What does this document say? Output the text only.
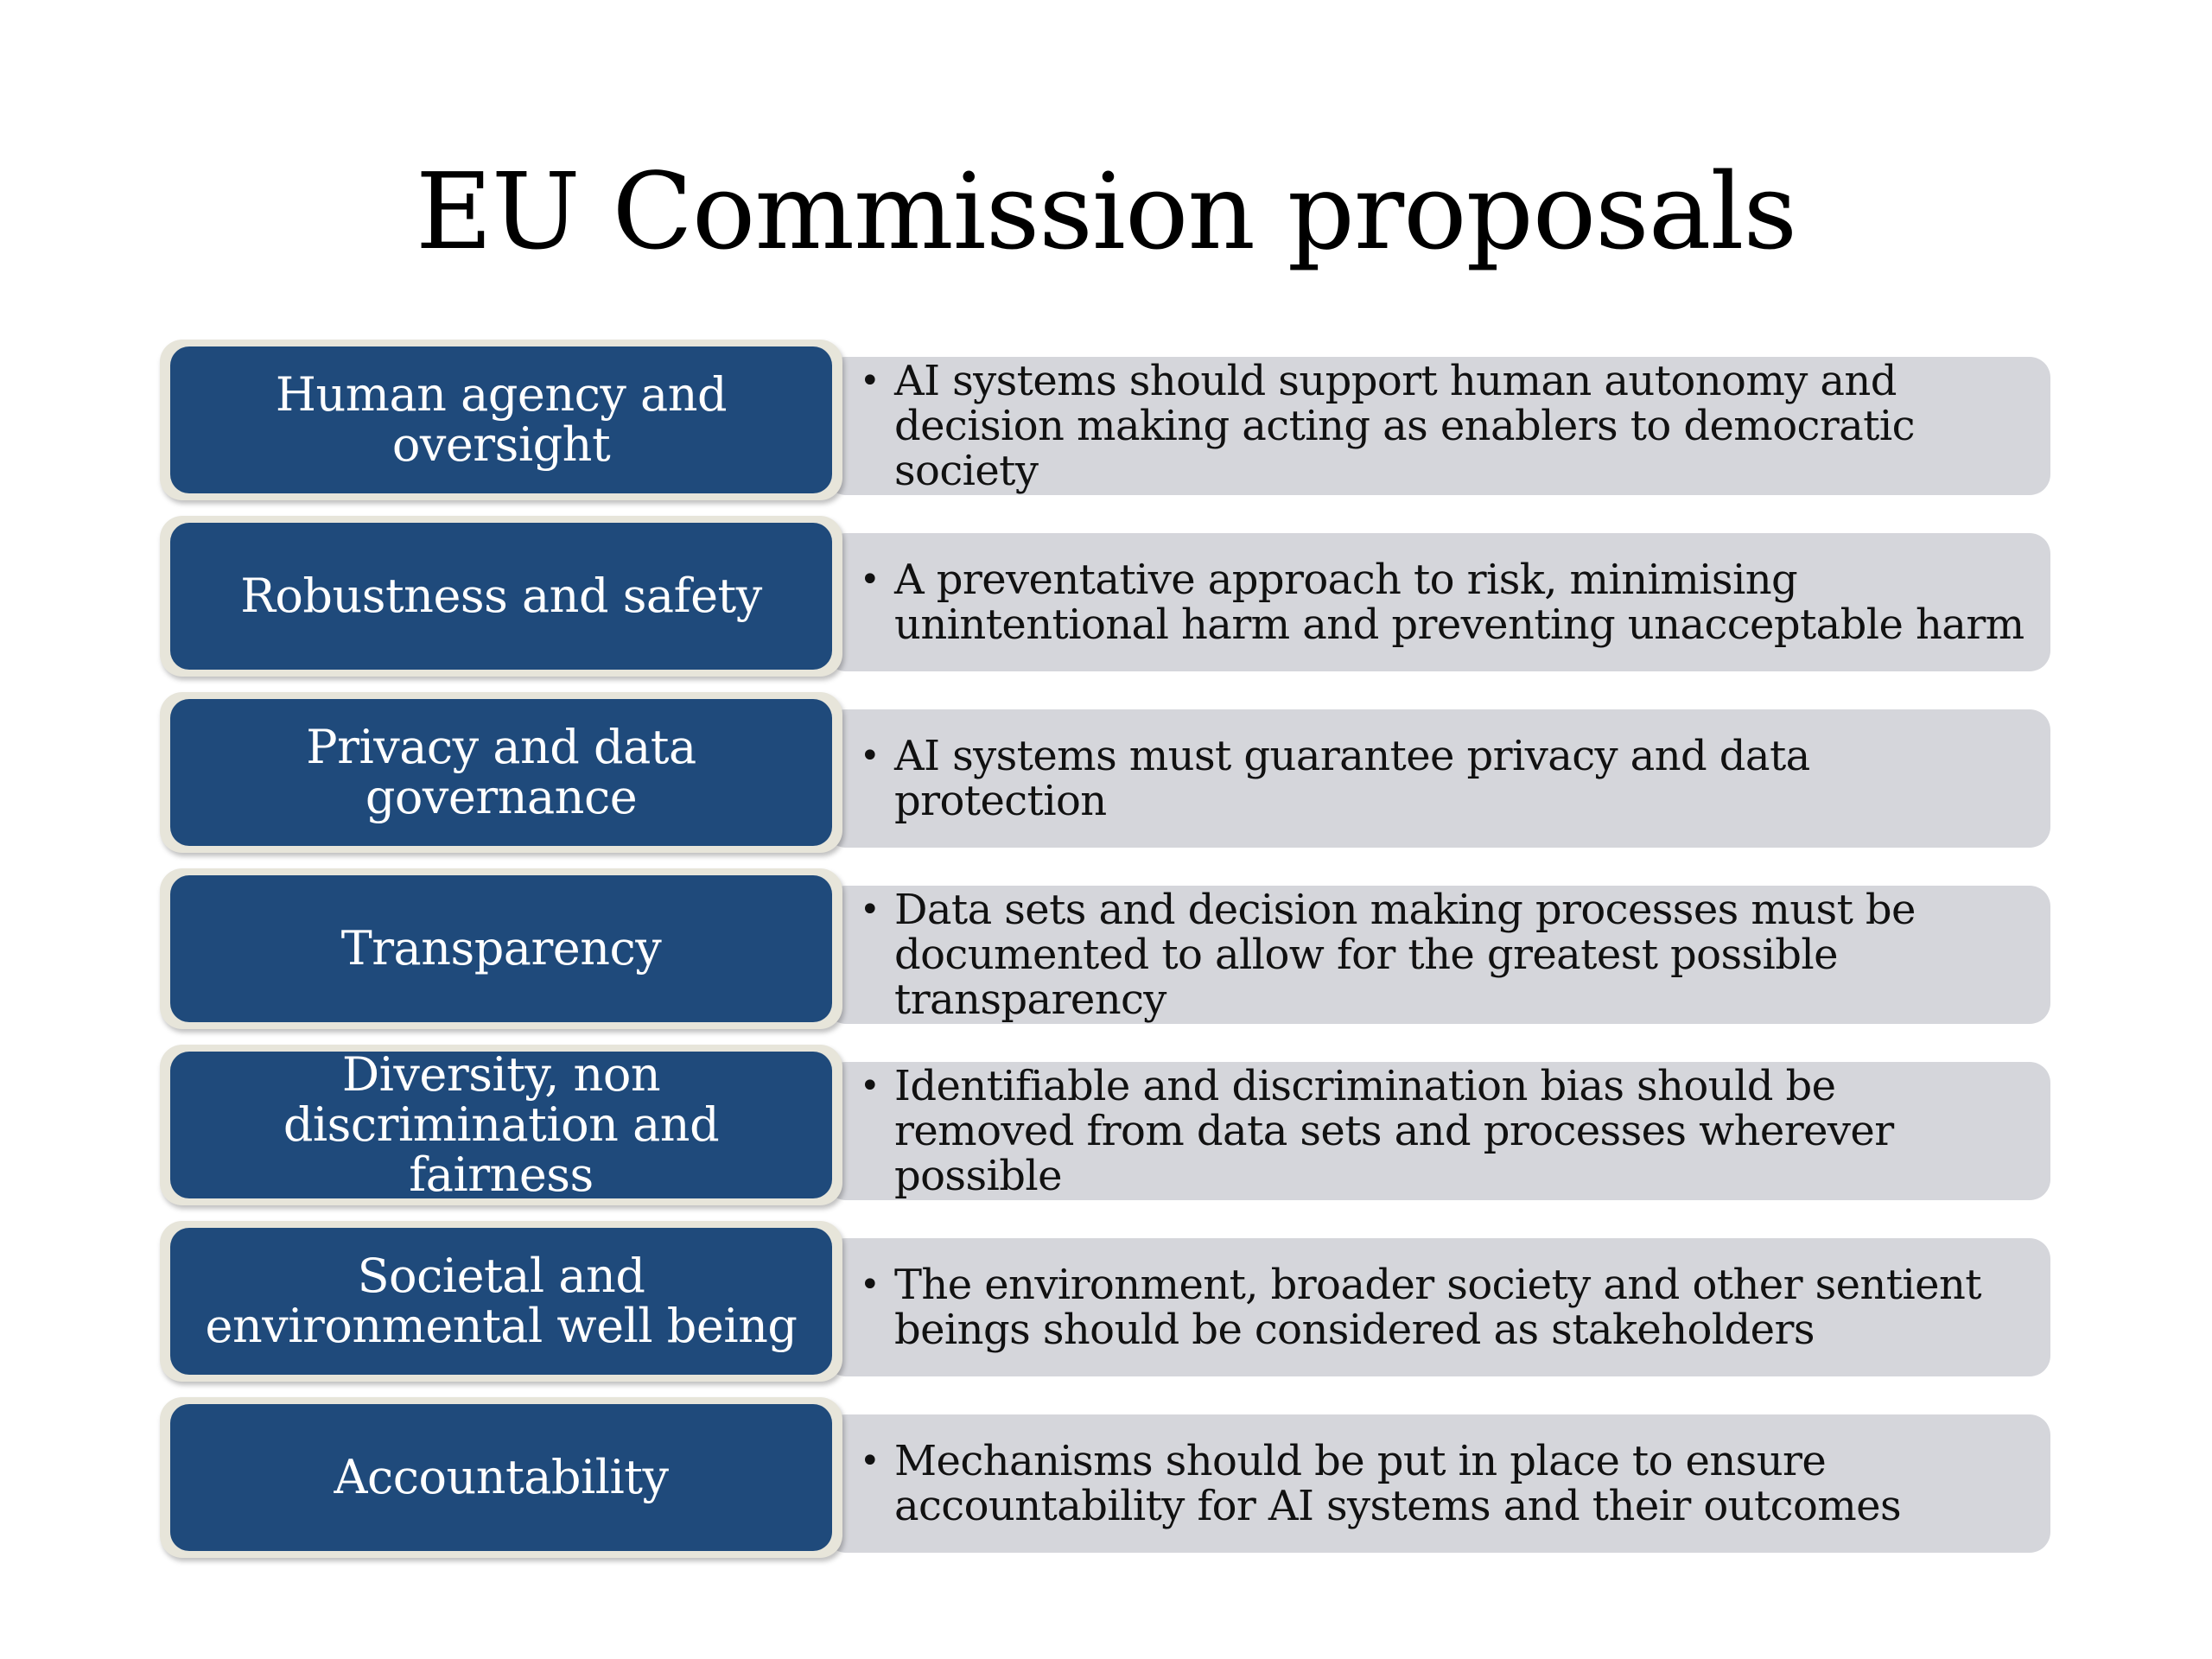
EU Commission proposals
• AI systems should support human autonomy and decision making acting as enablers to democratic society
Human agency and oversight
• A preventative approach to risk, minimising unintentional harm and preventing unacceptable harm
Robustness and safety
• AI systems must guarantee privacy and data protection
Privacy and data governance
• Data sets and decision making processes must be documented to allow for the greatest possible transparency
Transparency
• Identifiable and discrimination bias should be removed from data sets and processes wherever possible
Diversity, non discrimination and fairness
• The environment, broader society and other sentient beings should be considered as stakeholders
Societal and environmental well being
• Mechanisms should be put in place to ensure accountability for AI systems and their outcomes
Accountability
